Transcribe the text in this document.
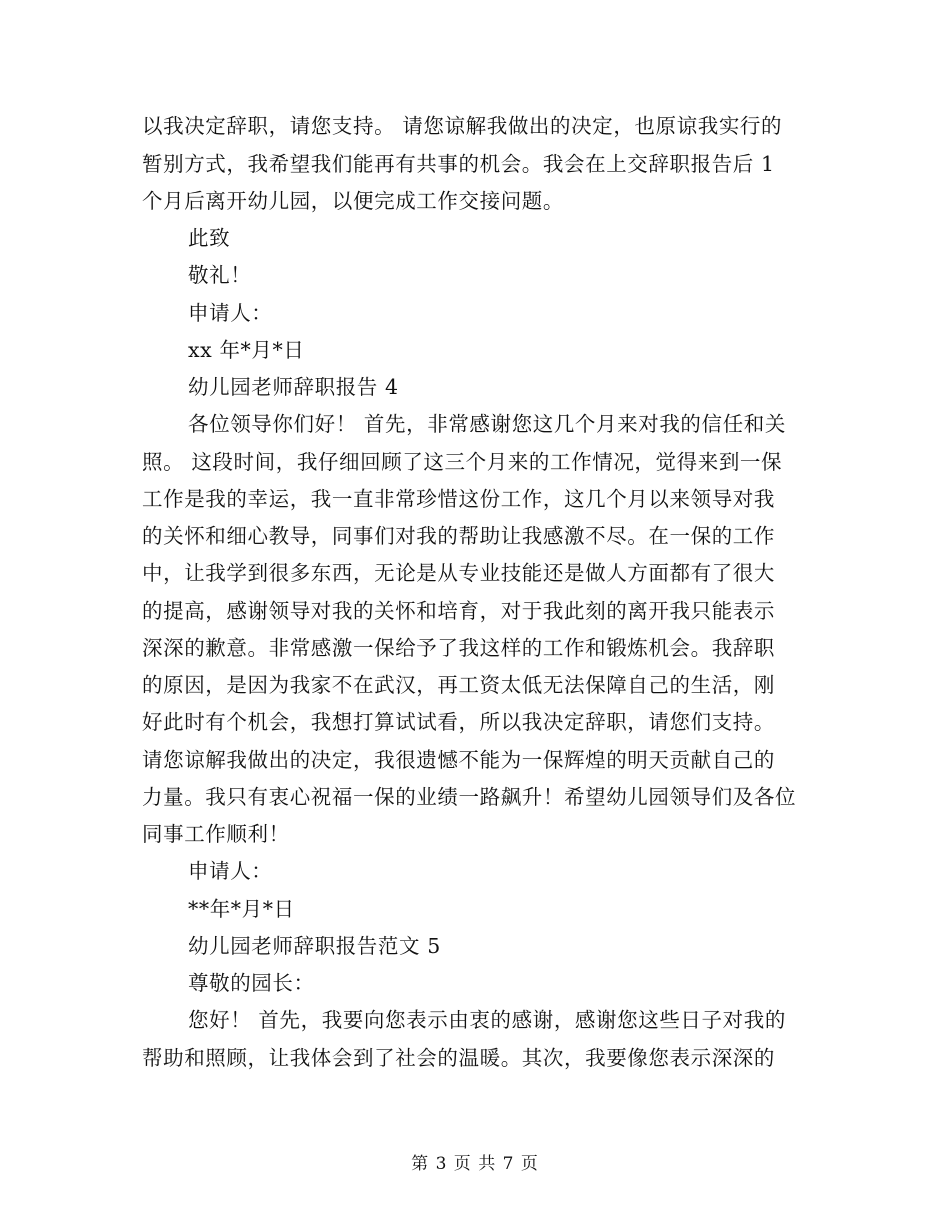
以我决定辞职，请您支持。 请您谅解我做出的决定，也原谅我实行的
暂别方式，我希望我们能再有共事的机会。我会在上交辞职报告后 1
个月后离开幼儿园，以便完成工作交接问题。
此致
敬礼！
申请人：
xx 年*月*日
幼儿园老师辞职报告 4
各位领导你们好！ 首先，非常感谢您这几个月来对我的信任和关
照。 这段时间，我仔细回顾了这三个月来的工作情况，觉得来到一保
工作是我的幸运，我一直非常珍惜这份工作，这几个月以来领导对我
的关怀和细心教导，同事们对我的帮助让我感激不尽。在一保的工作
中，让我学到很多东西，无论是从专业技能还是做人方面都有了很大
的提高，感谢领导对我的关怀和培育，对于我此刻的离开我只能表示
深深的歉意。非常感激一保给予了我这样的工作和锻炼机会。我辞职
的原因，是因为我家不在武汉，再工资太低无法保障自己的生活，刚
好此时有个机会，我想打算试试看，所以我决定辞职，请您们支持。
请您谅解我做出的决定，我很遗憾不能为一保辉煌的明天贡献自己的
力量。我只有衷心祝福一保的业绩一路飙升！希望幼儿园领导们及各位
同事工作顺利！
申请人：
**年*月*日
幼儿园老师辞职报告范文 5
尊敬的园长：
您好！ 首先，我要向您表示由衷的感谢，感谢您这些日子对我的
帮助和照顾，让我体会到了社会的温暖。其次，我要像您表示深深的
第 3 页 共 7 页
